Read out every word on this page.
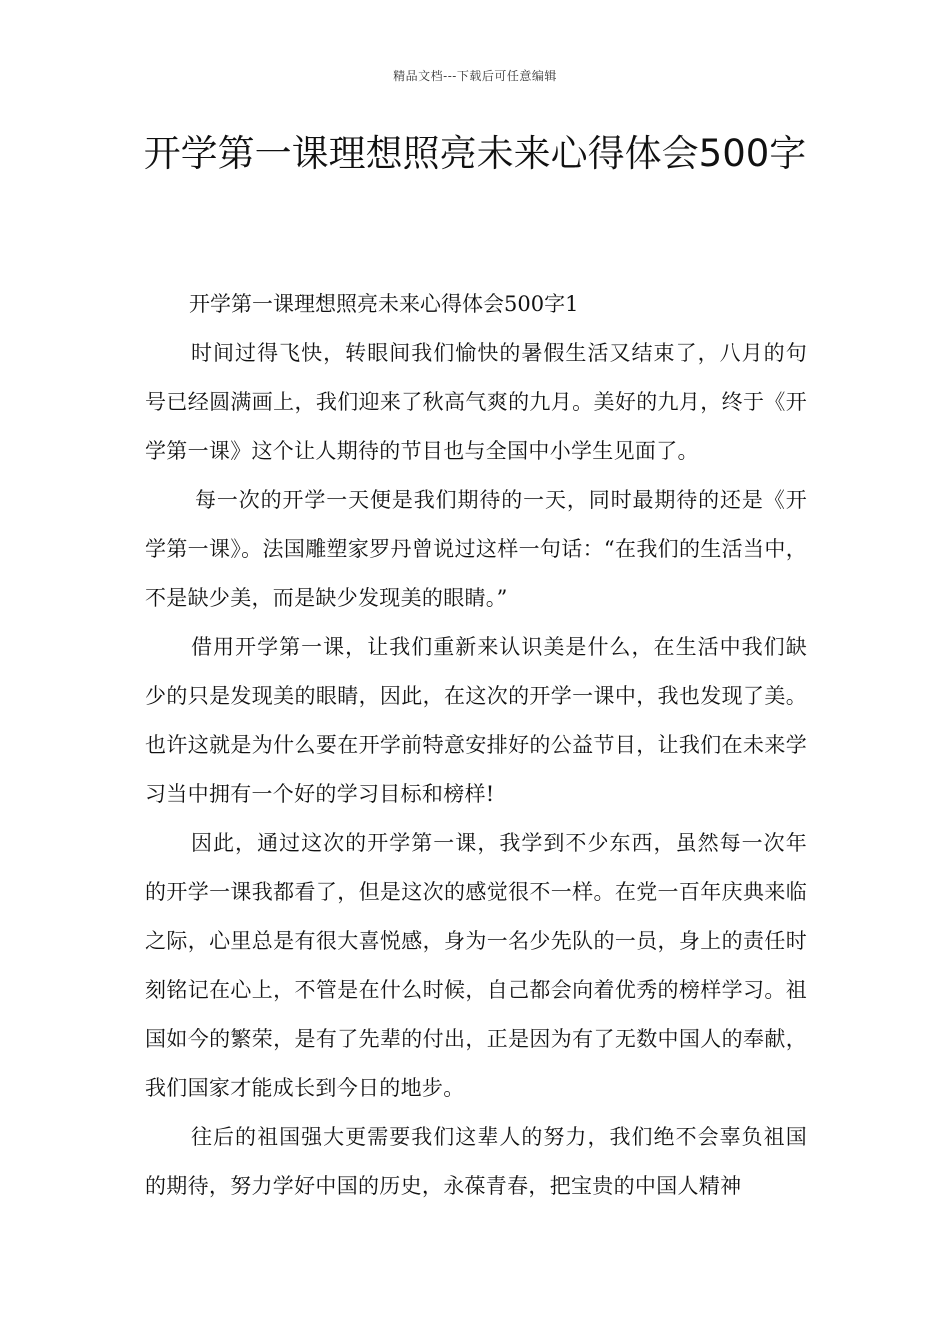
精品文档---下载后可任意编辑
开学第一课理想照亮未来心得体会500字

开学第一课理想照亮未来心得体会500字1

时间过得飞快，转眼间我们愉快的暑假生活又结束了，八月的句号已经圆满画上，我们迎来了秋高气爽的九月。美好的九月，终于《开学第一课》这个让人期待的节目也与全国中小学生见面了。

每一次的开学一天便是我们期待的一天，同时最期待的还是《开学第一课》。法国雕塑家罗丹曾说过这样一句话：“在我们的生活当中，不是缺少美，而是缺少发现美的眼睛。”

借用开学第一课，让我们重新来认识美是什么，在生活中我们缺少的只是发现美的眼睛，因此，在这次的开学一课中，我也发现了美。也许这就是为什么要在开学前特意安排好的公益节目，让我们在未来学习当中拥有一个好的学习目标和榜样!

因此，通过这次的开学第一课，我学到不少东西，虽然每一次年的开学一课我都看了，但是这次的感觉很不一样。在党一百年庆典来临之际，心里总是有很大喜悦感，身为一名少先队的一员，身上的责任时刻铭记在心上，不管是在什么时候，自己都会向着优秀的榜样学习。祖国如今的繁荣，是有了先辈的付出，正是因为有了无数中国人的奉献，我们国家才能成长到今日的地步。

往后的祖国强大更需要我们这辈人的努力，我们绝不会辜负祖国的期待，努力学好中国的历史，永葆青春，把宝贵的中国人精神
